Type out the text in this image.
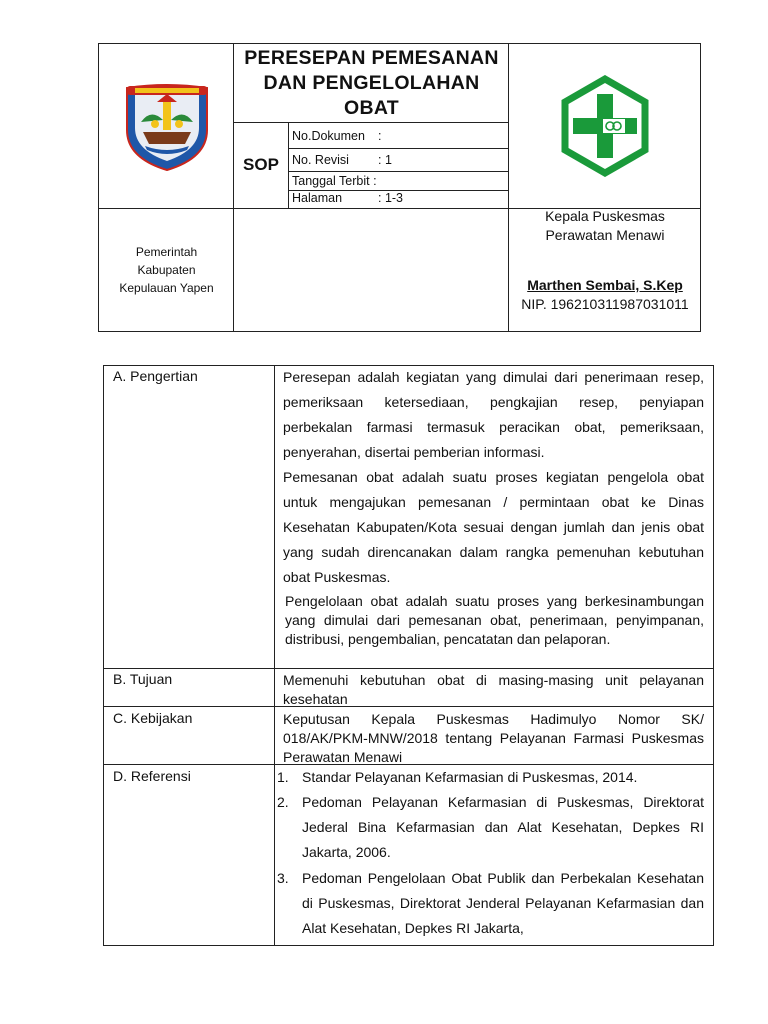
PERESEPAN PEMESANAN DAN PENGELOLAHAN OBAT
SOP
No.Dokumen :
No. Revisi : 1
Tanggal Terbit :
Halaman	: 1-3
Pemerintah Kabupaten Kepulauan Yapen
Kepala Puskesmas
Perawatan Menawi
Marthen Sembai, S.Kep
NIP. 196210311987031011
A. Pengertian	Peresepan adalah kegiatan yang dimulai dari penerimaan resep, pemeriksaan ketersediaan, pengkajian resep, penyiapan perbekalan farmasi termasuk peracikan obat, pemeriksaan, penyerahan, disertai pemberian informasi.
Pemesanan obat adalah suatu proses kegiatan pengelola obat untuk mengajukan pemesanan / permintaan obat ke Dinas Kesehatan Kabupaten/Kota sesuai dengan jumlah dan jenis obat yang sudah direncanakan dalam rangka pemenuhan kebutuhan obat Puskesmas.
Pengelolaan obat adalah suatu proses yang berkesinambungan yang dimulai dari pemesanan obat, penerimaan, penyimpanan, distribusi, pengembalian, pencatatan dan pelaporan.
B. Tujuan	Memenuhi kebutuhan obat di masing-masing unit pelayanan kesehatan
C. Kebijakan	Keputusan Kepala Puskesmas Hadimulyo Nomor SK/ 018/AK/PKM-MNW/2018 tentang Pelayanan Farmasi Puskesmas Perawatan Menawi
D. Referensi	1. Standar Pelayanan Kefarmasian di Puskesmas, 2014.
2. Pedoman Pelayanan Kefarmasian di Puskesmas, Direktorat Jederal Bina Kefarmasian dan Alat Kesehatan, Depkes RI Jakarta, 2006.
3. Pedoman Pengelolaan Obat Publik dan Perbekalan Kesehatan di Puskesmas, Direktorat Jenderal Pelayanan Kefarmasian dan Alat Kesehatan, Depkes RI Jakarta,
